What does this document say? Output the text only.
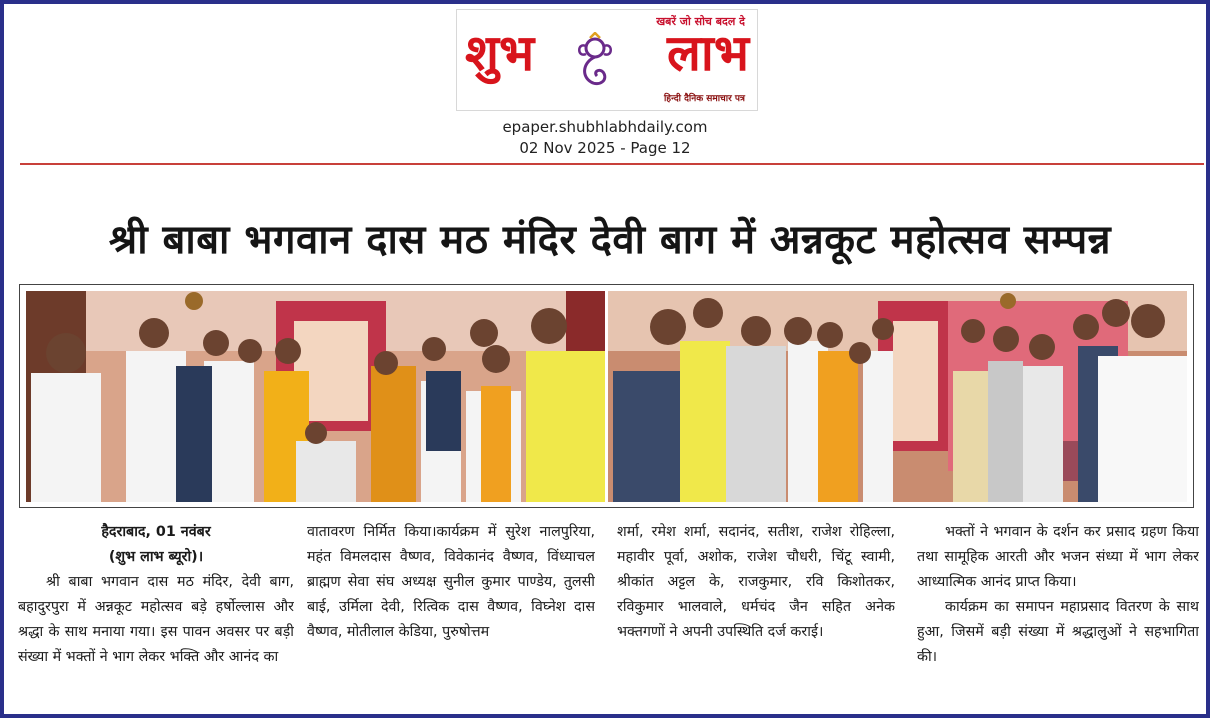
खबरें जो सोच बदल दे
शुभ	लाभ
हिन्दी दैनिक समाचार पत्र
epaper.shubhlabhdaily.com
02 Nov 2025 - Page 12
श्री बाबा भगवान दास मठ मंदिर देवी बाग में अन्नकूट महोत्सव सम्पन्न

हैदराबाद, 01 नवंबर

(शुभ लाभ ब्यूरो)।

श्री बाबा भगवान दास मठ मंदिर, देवी बाग, बहादुरपुरा में अन्नकूट महोत्सव बड़े हर्षोल्लास और श्रद्धा के साथ मनाया गया। इस पावन अवसर पर बड़ी संख्या में भक्तों ने भाग लेकर भक्ति और आनंद का

वातावरण निर्मित किया।कार्यक्रम में सुरेश नालपुरिया, महंत विमलदास वैष्णव, विवेकानंद वैष्णव, विंध्याचल ब्राह्मण सेवा संघ अध्यक्ष सुनील कुमार पाण्डेय, तुलसी बाई, उर्मिला देवी, रित्विक दास वैष्णव, विघ्नेश दास वैष्णव, मोतीलाल केडिया, पुरुषोत्तम

शर्मा, रमेश शर्मा, सदानंद, सतीश, राजेश रोहिल्ला, महावीर पूर्वा, अशोक, राजेश चौधरी, चिंटू स्वामी, श्रीकांत अट्टल के, राजकुमार, रवि किशोतकर, रविकुमार भालवाले, धर्मचंद जैन सहित अनेक भक्तगणों ने अपनी उपस्थिति दर्ज कराई।

भक्तों ने भगवान के दर्शन कर प्रसाद ग्रहण किया तथा सामूहिक आरती और भजन संध्या में भाग लेकर आध्यात्मिक आनंद प्राप्त किया।

कार्यक्रम का समापन महाप्रसाद वितरण के साथ हुआ, जिसमें बड़ी संख्या में श्रद्धालुओं ने सहभागिता की।
